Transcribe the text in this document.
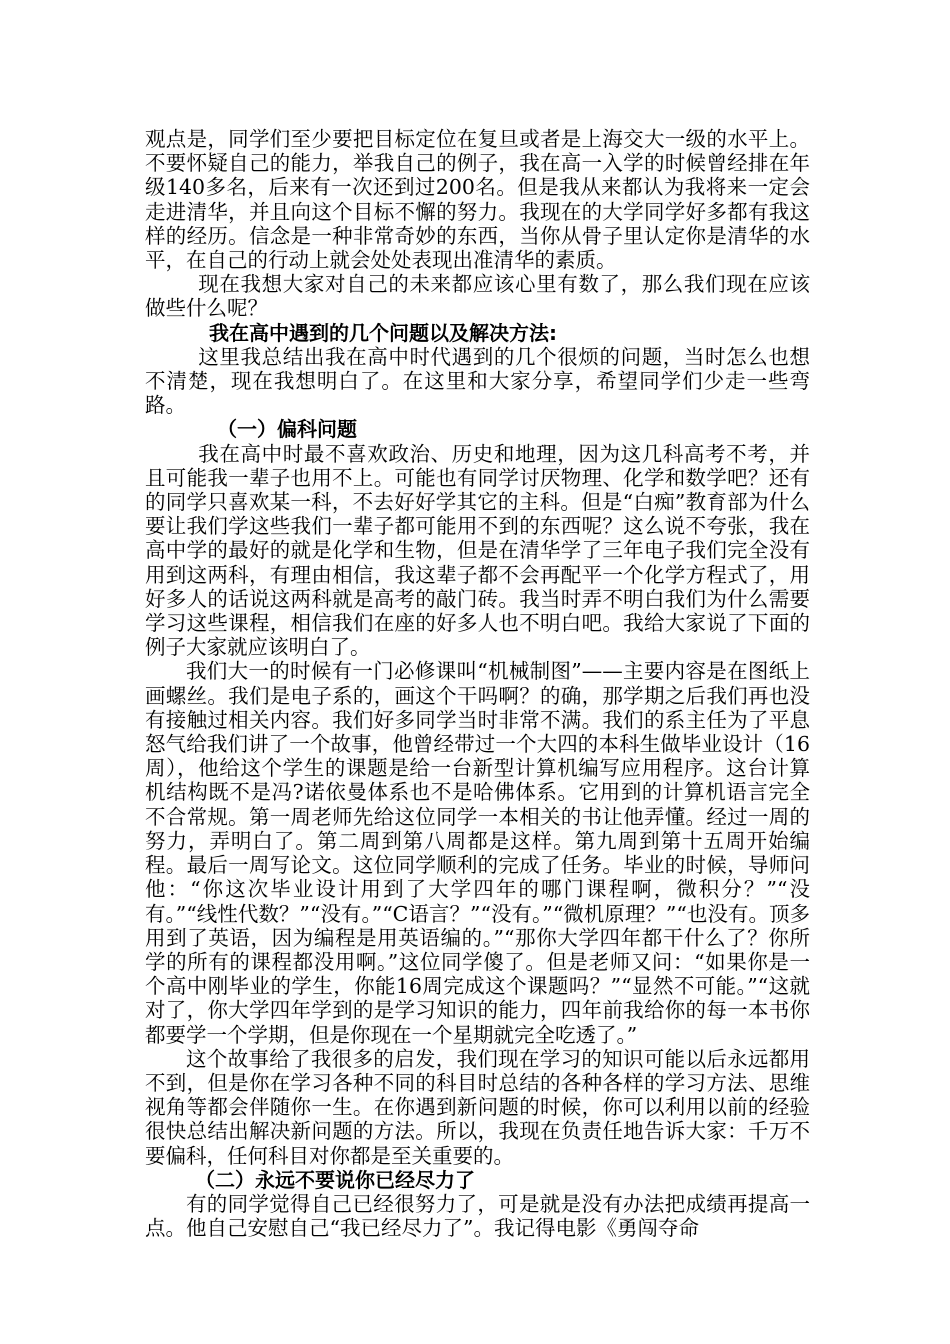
观点是，同学们至少要把目标定位在复旦或者是上海交大一级的水平上。不要怀疑自己的能力，举我自己的例子，我在高一入学的时候曾经排在年级140多名，后来有一次还到过200名。但是我从来都认为我将来一定会走进清华，并且向这个目标不懈的努力。我现在的大学同学好多都有我这样的经历。信念是一种非常奇妙的东西，当你从骨子里认定你是清华的水平，在自己的行动上就会处处表现出准清华的素质。

现在我想大家对自己的未来都应该心里有数了，那么我们现在应该做些什么呢？

我在高中遇到的几个问题以及解决方法:

这里我总结出我在高中时代遇到的几个很烦的问题，当时怎么也想不清楚，现在我想明白了。在这里和大家分享，希望同学们少走一些弯路。

（一）偏科问题

我在高中时最不喜欢政治、历史和地理，因为这几科高考不考，并且可能我一辈子也用不上。可能也有同学讨厌物理、化学和数学吧？还有的同学只喜欢某一科，不去好好学其它的主科。但是“白痴”教育部为什么要让我们学这些我们一辈子都可能用不到的东西呢？这么说不夸张，我在高中学的最好的就是化学和生物，但是在清华学了三年电子我们完全没有用到这两科，有理由相信，我这辈子都不会再配平一个化学方程式了，用好多人的话说这两科就是高考的敲门砖。我当时弄不明白我们为什么需要学习这些课程，相信我们在座的好多人也不明白吧。我给大家说了下面的例子大家就应该明白了。

我们大一的时候有一门必修课叫“机械制图”——主要内容是在图纸上画螺丝。我们是电子系的，画这个干吗啊？的确，那学期之后我们再也没有接触过相关内容。我们好多同学当时非常不满。我们的系主任为了平息怒气给我们讲了一个故事，他曾经带过一个大四的本科生做毕业设计（16周），他给这个学生的课题是给一台新型计算机编写应用程序。这台计算机结构既不是冯?诺依曼体系也不是哈佛体系。它用到的计算机语言完全不合常规。第一周老师先给这位同学一本相关的书让他弄懂。经过一周的努力，弄明白了。第二周到第八周都是这样。第九周到第十五周开始编程。最后一周写论文。这位同学顺利的完成了任务。毕业的时候，导师问他：“你这次毕业设计用到了大学四年的哪门课程啊，微积分？”“没有。”“线性代数？”“没有。”“C语言？”“没有。”“微机原理？”“也没有。顶多用到了英语，因为编程是用英语编的。”“那你大学四年都干什么了？你所学的所有的课程都没用啊。”这位同学傻了。但是老师又问：“如果你是一个高中刚毕业的学生，你能16周完成这个课题吗？”“显然不可能。”“这就对了，你大学四年学到的是学习知识的能力，四年前我给你的每一本书你都要学一个学期，但是你现在一个星期就完全吃透了。”

这个故事给了我很多的启发，我们现在学习的知识可能以后永远都用不到，但是你在学习各种不同的科目时总结的各种各样的学习方法、思维视角等都会伴随你一生。在你遇到新问题的时候，你可以利用以前的经验很快总结出解决新问题的方法。所以，我现在负责任地告诉大家：千万不要偏科，任何科目对你都是至关重要的。

（二）永远不要说你已经尽力了

有的同学觉得自己已经很努力了，可是就是没有办法把成绩再提高一点。他自己安慰自己“我已经尽力了”。我记得电影《勇闯夺命
